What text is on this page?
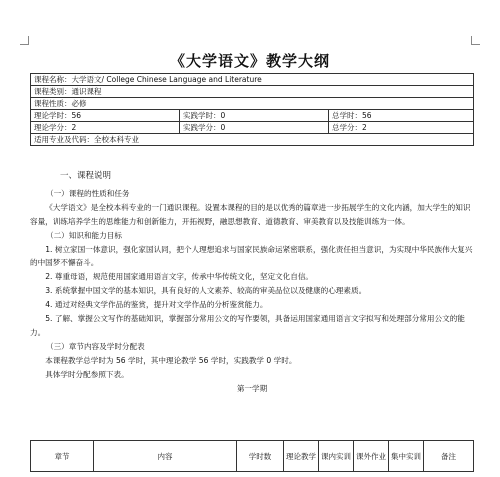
《大学语文》教学大纲
课程名称：大学语文/ College Chinese Language and Literature		
课程类别：通识课程		
课程性质：必修		
理论学时：56	实践学时：0	总学时：56
理论学分：2	实践学分：0	总学分：2
适用专业及代码：全校本科专业		

一、课程说明

（一）课程的性质和任务

《大学语文》是全校本科专业的一门通识课程。设置本课程的目的是以优秀的篇章进一步拓展学生的文化内涵，加大学生的知识容量，训练培养学生的思维能力和创新能力，开拓视野，融思想教育、道德教育、审美教育以及技能训练为一体。

（二）知识和能力目标

1. 树立家国一体意识，强化家国认同，把个人理想追求与国家民族命运紧密联系，强化责任担当意识，为实现中华民族伟大复兴的中国梦不懈奋斗。

2. 尊重母语，规范使用国家通用语言文字，传承中华传统文化，坚定文化自信。

3. 系统掌握中国文学的基本知识，具有良好的人文素养、较高的审美品位以及健康的心理素质。

4. 通过对经典文学作品的鉴赏，提升对文学作品的分析鉴赏能力。

5. 了解、掌握公文写作的基础知识，掌握部分常用公文的写作要领，具备运用国家通用语言文字拟写和处理部分常用公文的能力。

（三）章节内容及学时分配表

本课程教学总学时为 56 学时，其中理论教学 56 学时，实践教学 0 学时。

具体学时分配参照下表。

第一学期

章节	内容	学时数	理论教学	课内实训	课外作业	集中实训	备注
